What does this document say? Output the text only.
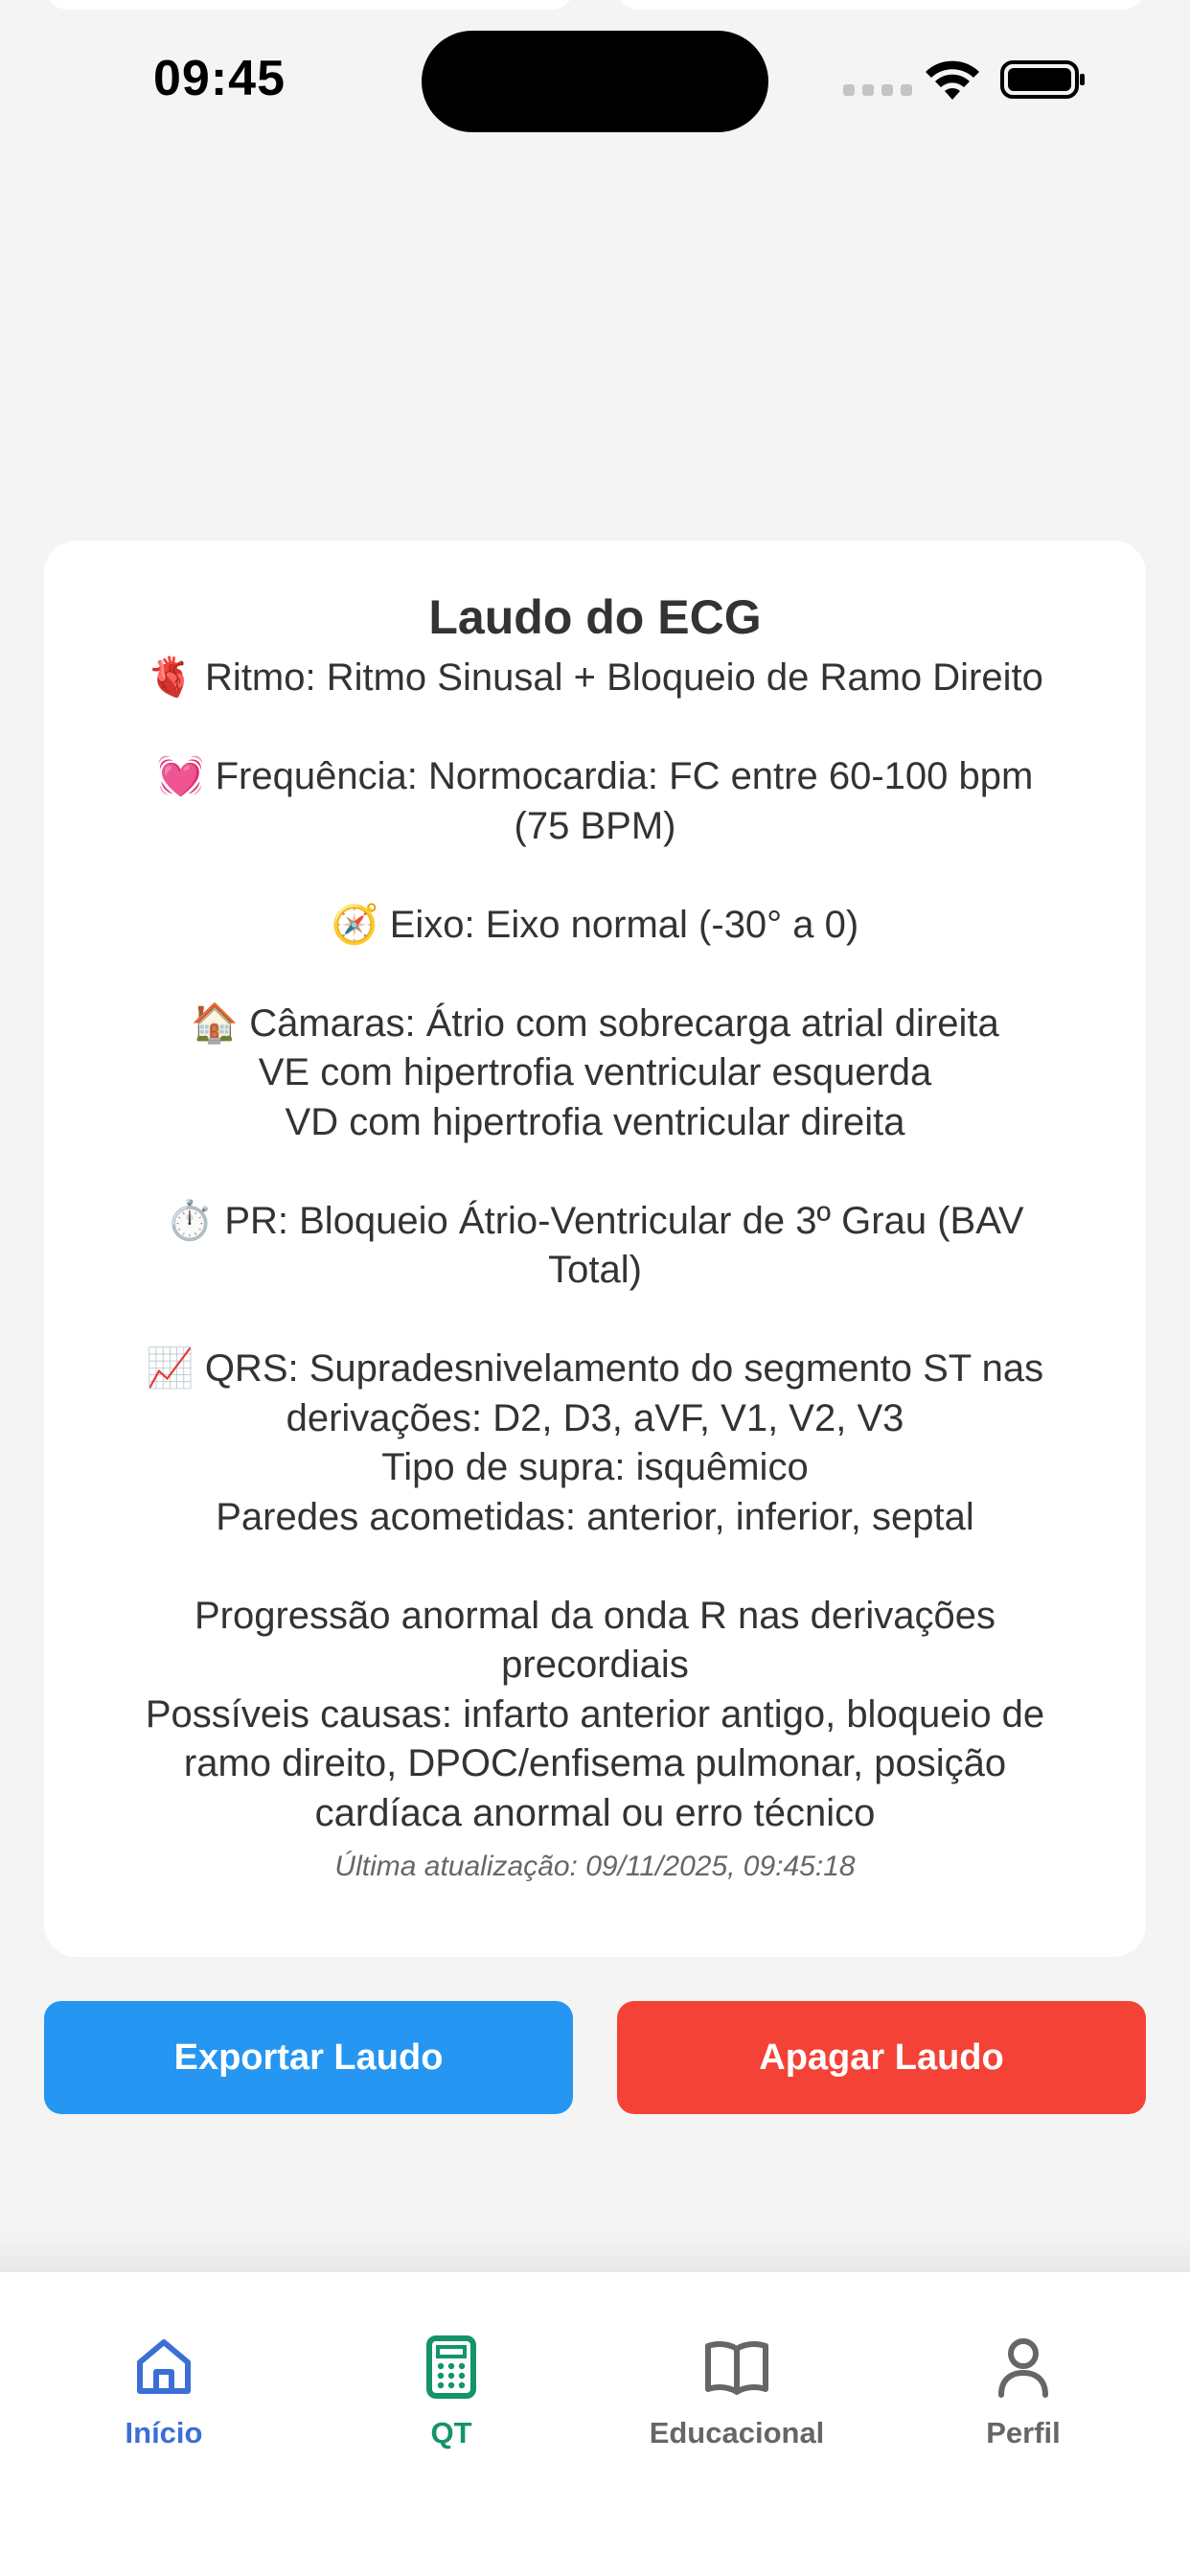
09:45
Laudo do ECG
🫀 Ritmo: Ritmo Sinusal + Bloqueio de Ramo Direito
💓 Frequência: Normocardia: FC entre 60-100 bpm
(75 BPM)
🧭 Eixo: Eixo normal (-30° a 0)
🏠 Câmaras: Átrio com sobrecarga atrial direita
VE com hipertrofia ventricular esquerda
VD com hipertrofia ventricular direita
⏱️ PR: Bloqueio Átrio-Ventricular de 3º Grau (BAV
Total)
📈 QRS: Supradesnivelamento do segmento ST nas
derivações: D2, D3, aVF, V1, V2, V3
Tipo de supra: isquêmico
Paredes acometidas: anterior, inferior, septal
Progressão anormal da onda R nas derivações
precordiais
Possíveis causas: infarto anterior antigo, bloqueio de
ramo direito, DPOC/enfisema pulmonar, posição
cardíaca anormal ou erro técnico
Última atualização: 09/11/2025, 09:45:18
Exportar Laudo	Apagar Laudo
Início	QT	Educacional	Perfil
